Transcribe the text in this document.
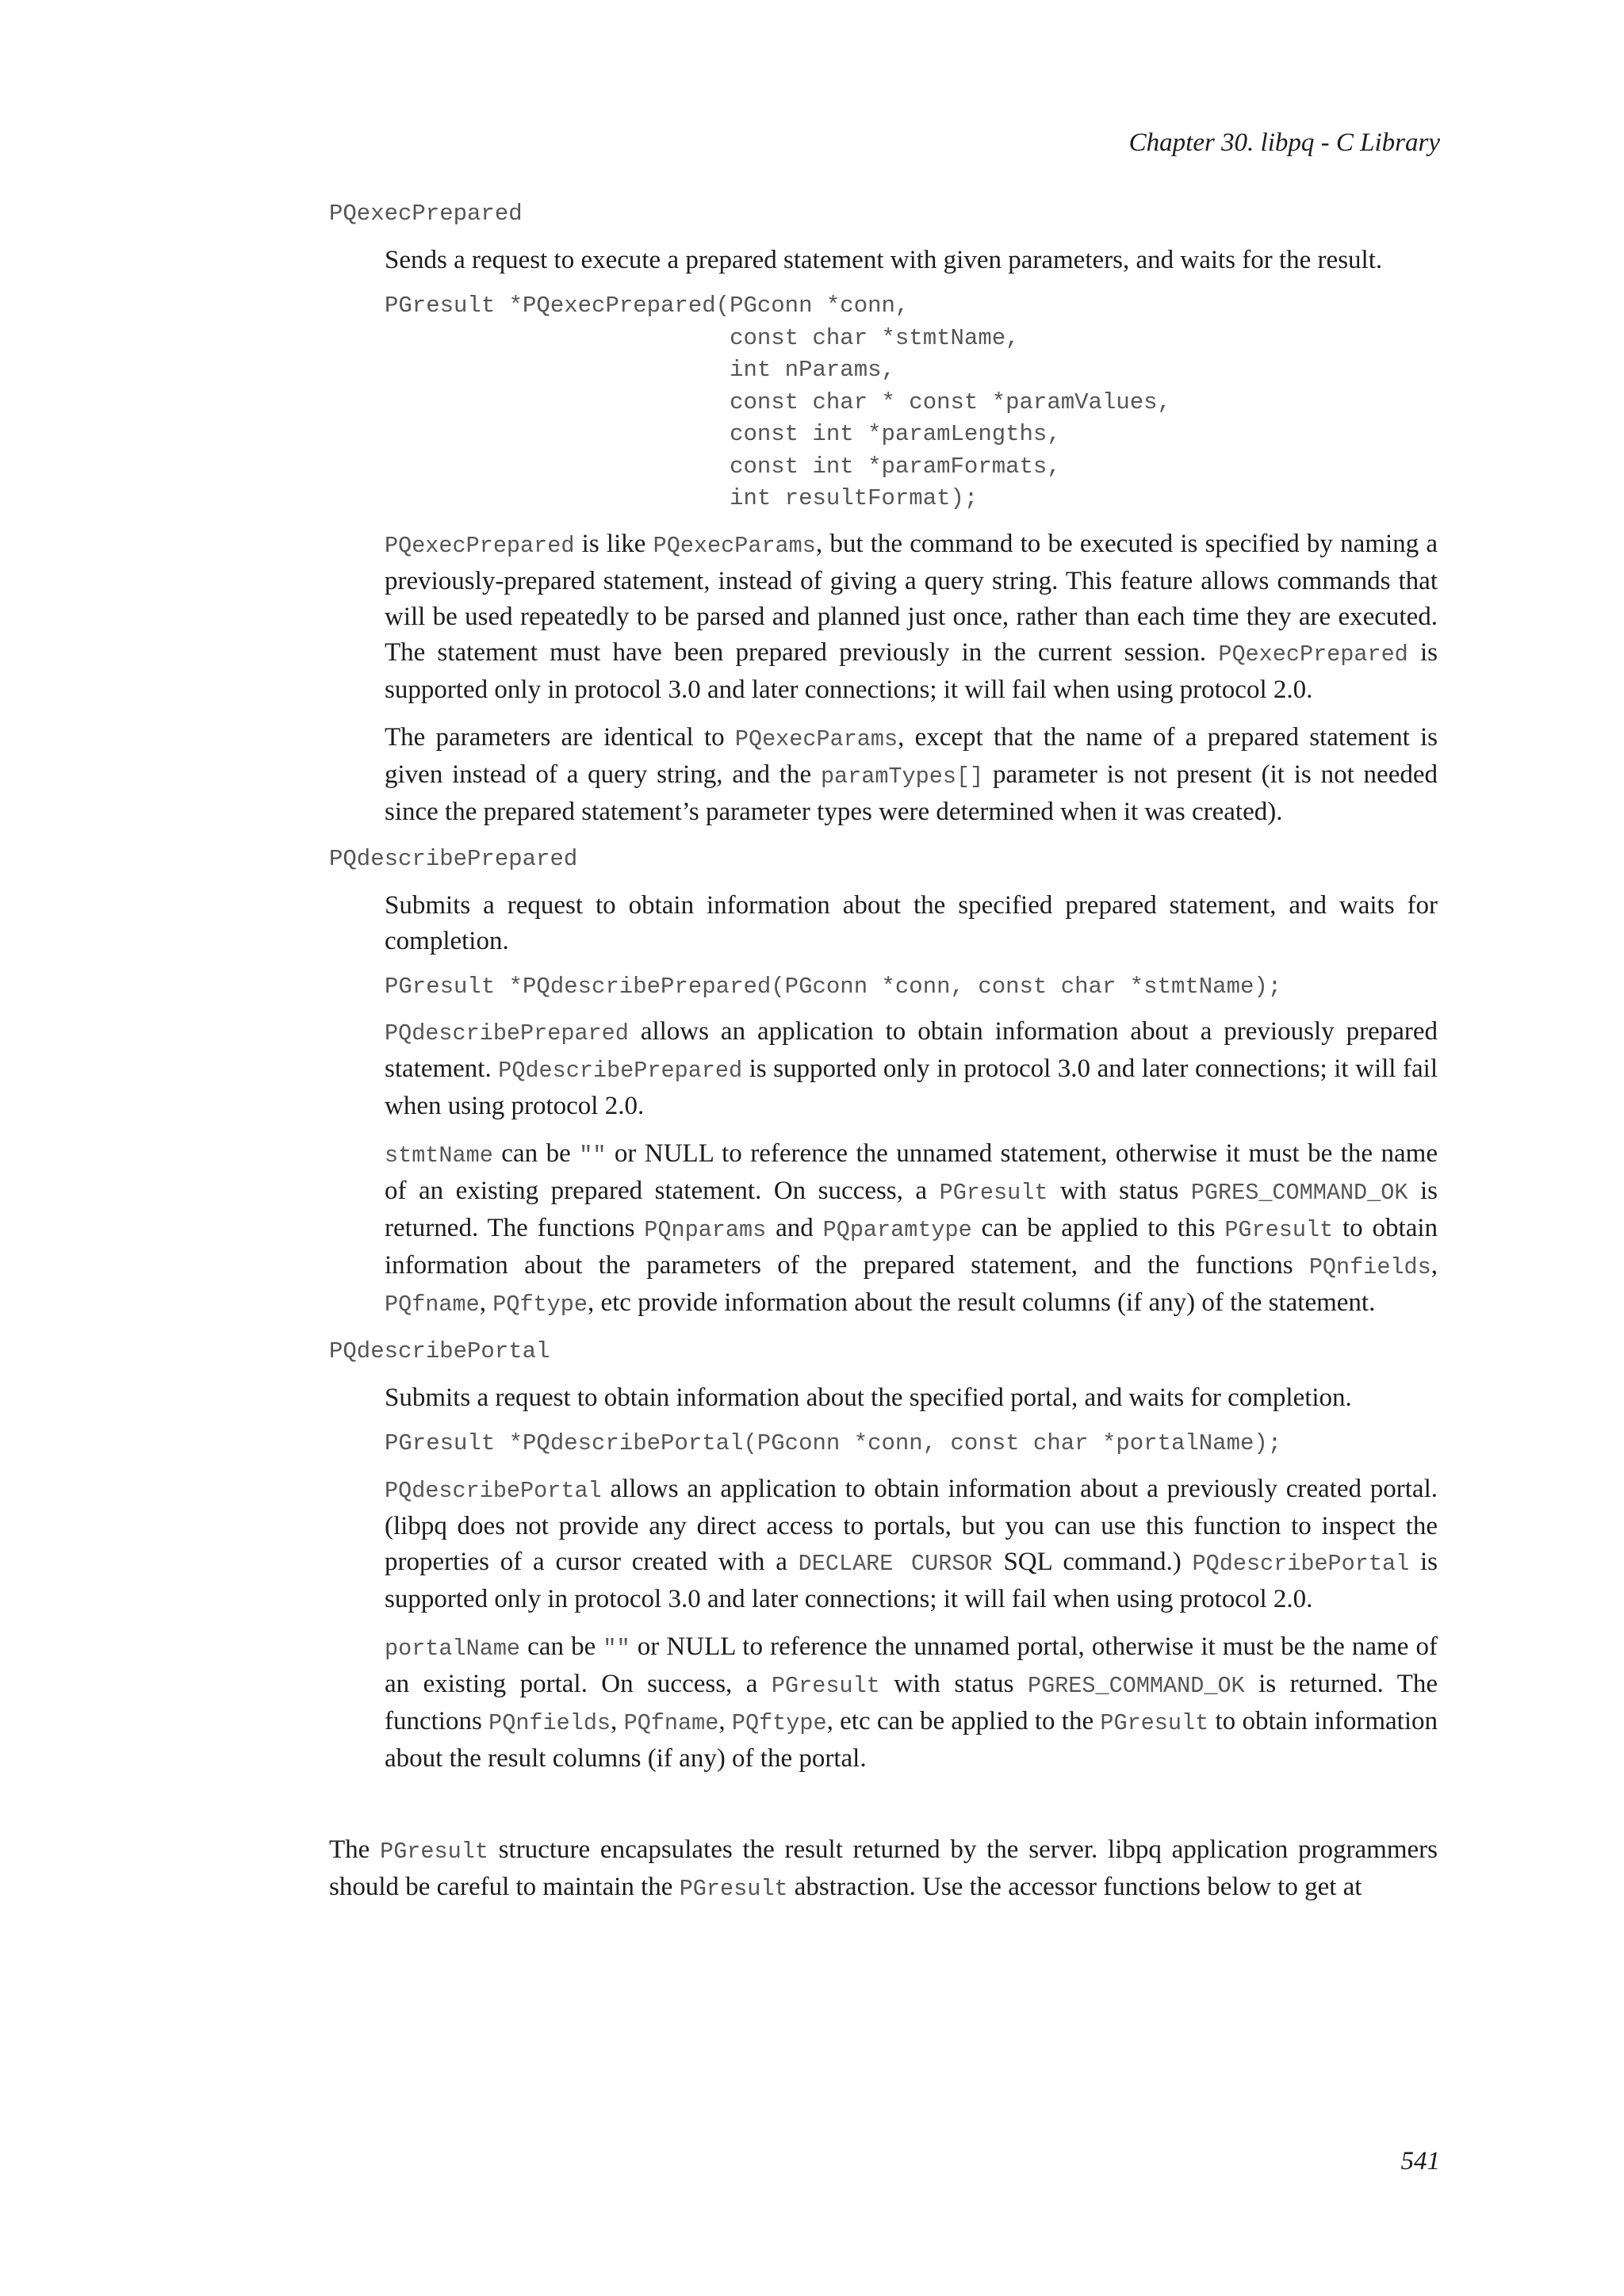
Chapter 30. libpq - C Library
PQexecPrepared
Sends a request to execute a prepared statement with given parameters, and waits for the result.
PGresult *PQexecPrepared(PGconn *conn,
const char *stmtName,
int nParams,
const char * const *paramValues,
const int *paramLengths,
const int *paramFormats,
int resultFormat);
PQexecPrepared is like PQexecParams, but the command to be executed is specified by naming a previously-prepared statement, instead of giving a query string. This feature allows commands that will be used repeatedly to be parsed and planned just once, rather than each time they are executed. The statement must have been prepared previously in the current session. PQexecPrepared is supported only in protocol 3.0 and later connections; it will fail when using protocol 2.0.
The parameters are identical to PQexecParams, except that the name of a prepared statement is given instead of a query string, and the paramTypes[] parameter is not present (it is not needed since the prepared statement’s parameter types were determined when it was created).
PQdescribePrepared
Submits a request to obtain information about the specified prepared statement, and waits for completion.
PGresult *PQdescribePrepared(PGconn *conn, const char *stmtName);
PQdescribePrepared allows an application to obtain information about a previously prepared statement. PQdescribePrepared is supported only in protocol 3.0 and later connections; it will fail when using protocol 2.0.
stmtName can be "" or NULL to reference the unnamed statement, otherwise it must be the name of an existing prepared statement. On success, a PGresult with status PGRES_COMMAND_OK is returned. The functions PQnparams and PQparamtype can be applied to this PGresult to obtain information about the parameters of the prepared statement, and the functions PQnfields, PQfname, PQftype, etc provide information about the result columns (if any) of the statement.
PQdescribePortal
Submits a request to obtain information about the specified portal, and waits for completion.
PGresult *PQdescribePortal(PGconn *conn, const char *portalName);
PQdescribePortal allows an application to obtain information about a previously created portal. (libpq does not provide any direct access to portals, but you can use this function to inspect the properties of a cursor created with a DECLARE CURSOR SQL command.) PQdescribePortal is supported only in protocol 3.0 and later connections; it will fail when using protocol 2.0.
portalName can be "" or NULL to reference the unnamed portal, otherwise it must be the name of an existing portal. On success, a PGresult with status PGRES_COMMAND_OK is returned. The functions PQnfields, PQfname, PQftype, etc can be applied to the PGresult to obtain information about the result columns (if any) of the portal.
The PGresult structure encapsulates the result returned by the server. libpq application programmers should be careful to maintain the PGresult abstraction. Use the accessor functions below to get at
541
